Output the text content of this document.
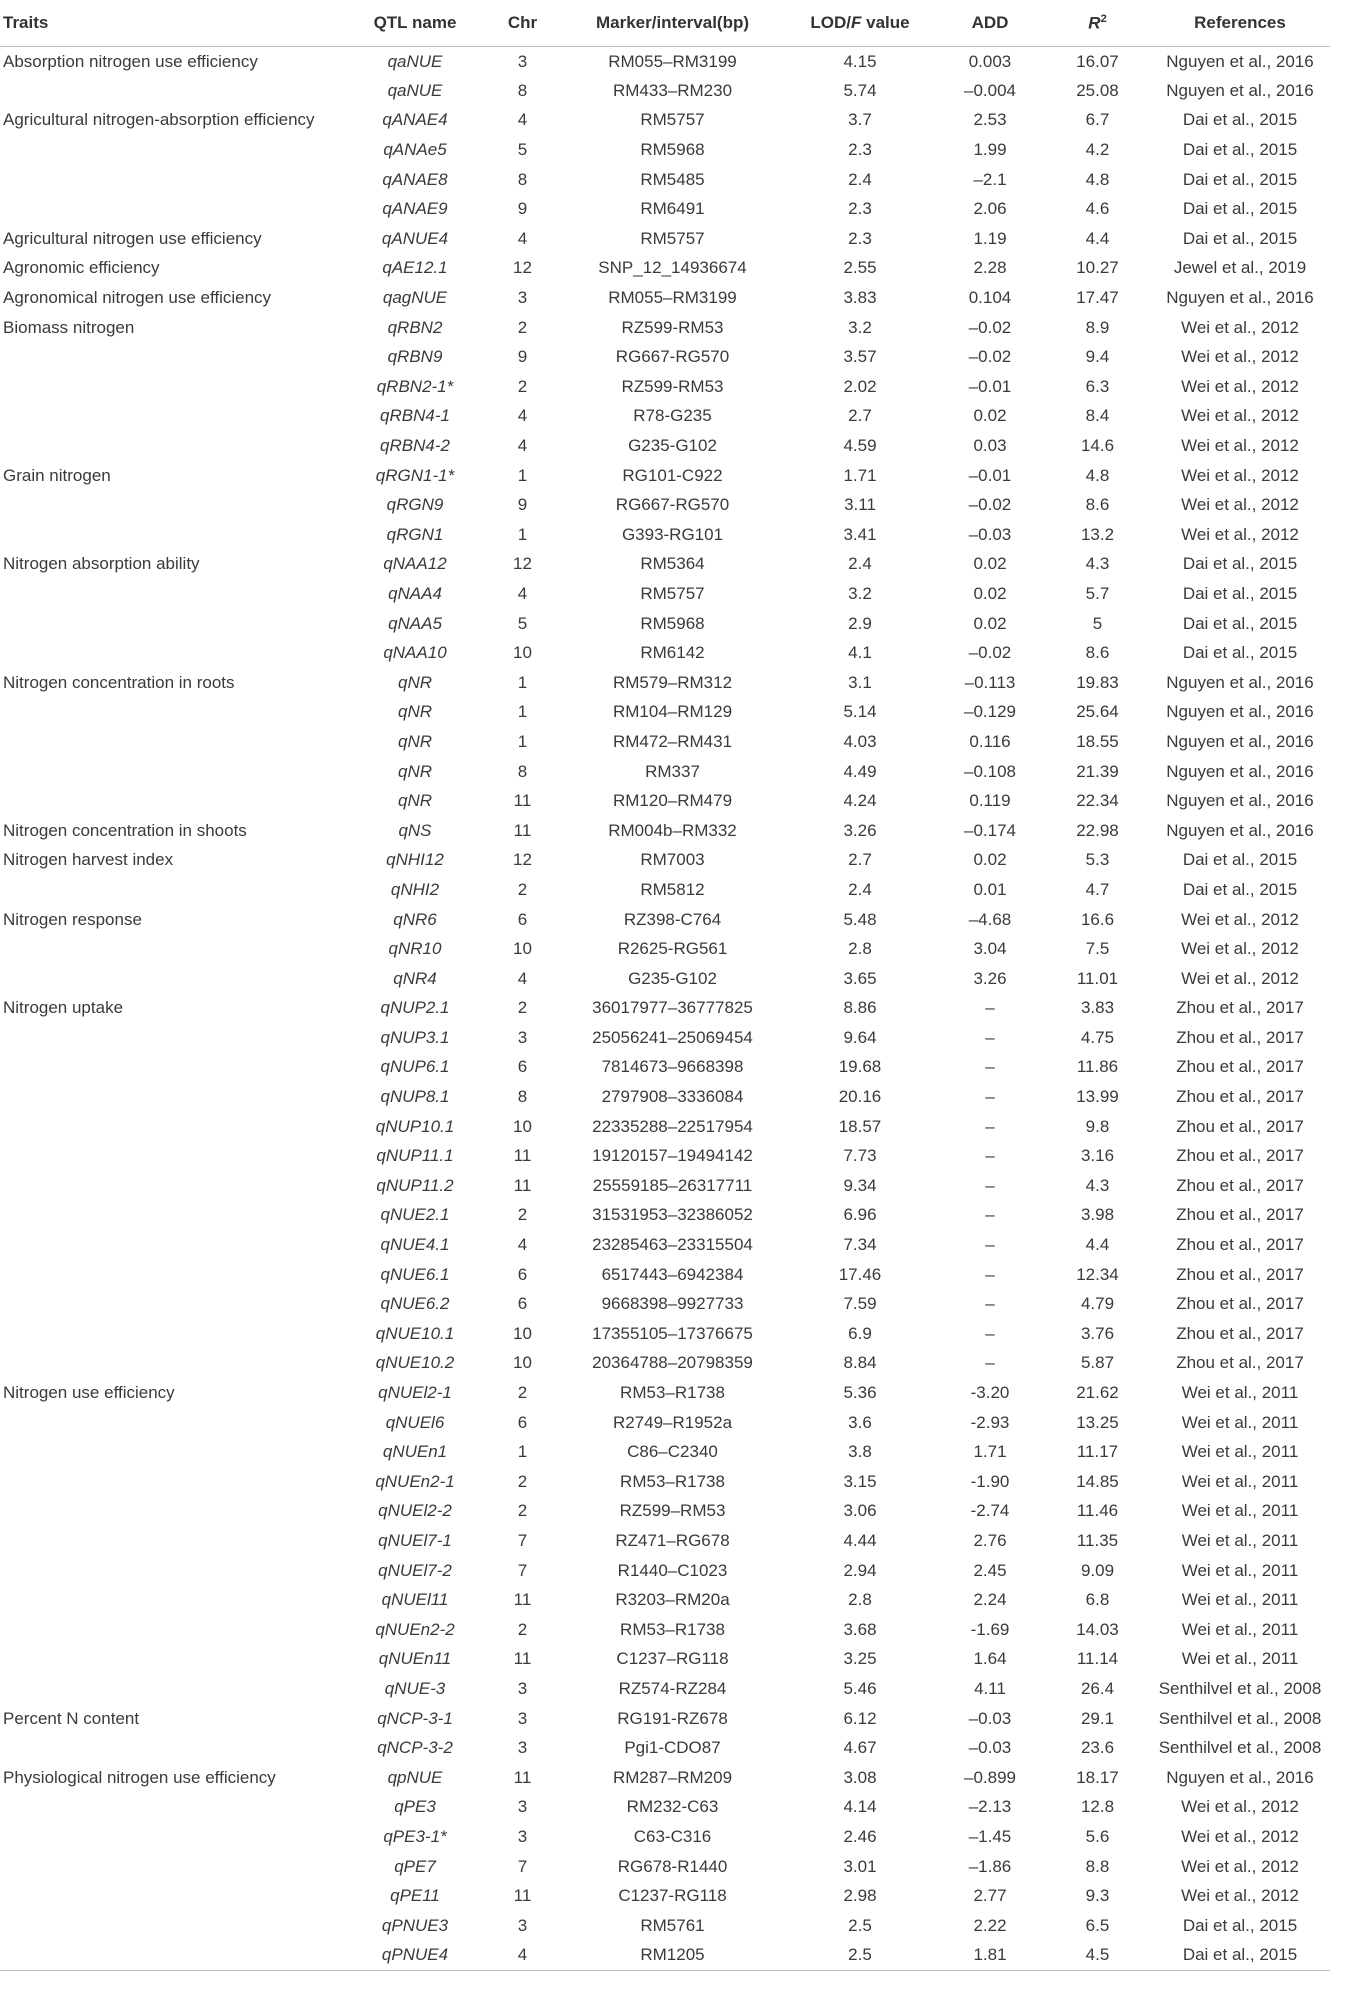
Traits	QTL name	Chr	Marker/interval(bp)	LOD/F value	ADD	$R^2$	References
Absorption nitrogen use efficiency	qaNUE	3	RM055–RM3199	4.15	0.003	16.07	Nguyen et al., 2016
	qaNUE	8	RM433–RM230	5.74	–0.004	25.08	Nguyen et al., 2016
Agricultural nitrogen-absorption efficiency	qANAE4	4	RM5757	3.7	2.53	6.7	Dai et al., 2015
	qANAe5	5	RM5968	2.3	1.99	4.2	Dai et al., 2015
	qANAE8	8	RM5485	2.4	–2.1	4.8	Dai et al., 2015
	qANAE9	9	RM6491	2.3	2.06	4.6	Dai et al., 2015
Agricultural nitrogen use efficiency	qANUE4	4	RM5757	2.3	1.19	4.4	Dai et al., 2015
Agronomic efficiency	qAE12.1	12	SNP_12_14936674	2.55	2.28	10.27	Jewel et al., 2019
Agronomical nitrogen use efficiency	qagNUE	3	RM055–RM3199	3.83	0.104	17.47	Nguyen et al., 2016
Biomass nitrogen	qRBN2	2	RZ599-RM53	3.2	–0.02	8.9	Wei et al., 2012
	qRBN9	9	RG667-RG570	3.57	–0.02	9.4	Wei et al., 2012
	qRBN2-1*	2	RZ599-RM53	2.02	–0.01	6.3	Wei et al., 2012
	qRBN4-1	4	R78-G235	2.7	0.02	8.4	Wei et al., 2012
	qRBN4-2	4	G235-G102	4.59	0.03	14.6	Wei et al., 2012
Grain nitrogen	qRGN1-1*	1	RG101-C922	1.71	–0.01	4.8	Wei et al., 2012
	qRGN9	9	RG667-RG570	3.11	–0.02	8.6	Wei et al., 2012
	qRGN1	1	G393-RG101	3.41	–0.03	13.2	Wei et al., 2012
Nitrogen absorption ability	qNAA12	12	RM5364	2.4	0.02	4.3	Dai et al., 2015
	qNAA4	4	RM5757	3.2	0.02	5.7	Dai et al., 2015
	qNAA5	5	RM5968	2.9	0.02	5	Dai et al., 2015
	qNAA10	10	RM6142	4.1	–0.02	8.6	Dai et al., 2015
Nitrogen concentration in roots	qNR	1	RM579–RM312	3.1	–0.113	19.83	Nguyen et al., 2016
	qNR	1	RM104–RM129	5.14	–0.129	25.64	Nguyen et al., 2016
	qNR	1	RM472–RM431	4.03	0.116	18.55	Nguyen et al., 2016
	qNR	8	RM337	4.49	–0.108	21.39	Nguyen et al., 2016
	qNR	11	RM120–RM479	4.24	0.119	22.34	Nguyen et al., 2016
Nitrogen concentration in shoots	qNS	11	RM004b–RM332	3.26	–0.174	22.98	Nguyen et al., 2016
Nitrogen harvest index	qNHI12	12	RM7003	2.7	0.02	5.3	Dai et al., 2015
	qNHI2	2	RM5812	2.4	0.01	4.7	Dai et al., 2015
Nitrogen response	qNR6	6	RZ398-C764	5.48	–4.68	16.6	Wei et al., 2012
	qNR10	10	R2625-RG561	2.8	3.04	7.5	Wei et al., 2012
	qNR4	4	G235-G102	3.65	3.26	11.01	Wei et al., 2012
Nitrogen uptake	qNUP2.1	2	36017977–36777825	8.86	–	3.83	Zhou et al., 2017
	qNUP3.1	3	25056241–25069454	9.64	–	4.75	Zhou et al., 2017
	qNUP6.1	6	7814673–9668398	19.68	–	11.86	Zhou et al., 2017
	qNUP8.1	8	2797908–3336084	20.16	–	13.99	Zhou et al., 2017
	qNUP10.1	10	22335288–22517954	18.57	–	9.8	Zhou et al., 2017
	qNUP11.1	11	19120157–19494142	7.73	–	3.16	Zhou et al., 2017
	qNUP11.2	11	25559185–26317711	9.34	–	4.3	Zhou et al., 2017
	qNUE2.1	2	31531953–32386052	6.96	–	3.98	Zhou et al., 2017
	qNUE4.1	4	23285463–23315504	7.34	–	4.4	Zhou et al., 2017
	qNUE6.1	6	6517443–6942384	17.46	–	12.34	Zhou et al., 2017
	qNUE6.2	6	9668398–9927733	7.59	–	4.79	Zhou et al., 2017
	qNUE10.1	10	17355105–17376675	6.9	–	3.76	Zhou et al., 2017
	qNUE10.2	10	20364788–20798359	8.84	–	5.87	Zhou et al., 2017
Nitrogen use efficiency	qNUEl2-1	2	RM53–R1738	5.36	-3.20	21.62	Wei et al., 2011
	qNUEl6	6	R2749–R1952a	3.6	-2.93	13.25	Wei et al., 2011
	qNUEn1	1	C86–C2340	3.8	1.71	11.17	Wei et al., 2011
	qNUEn2-1	2	RM53–R1738	3.15	-1.90	14.85	Wei et al., 2011
	qNUEl2-2	2	RZ599–RM53	3.06	-2.74	11.46	Wei et al., 2011
	qNUEl7-1	7	RZ471–RG678	4.44	2.76	11.35	Wei et al., 2011
	qNUEl7-2	7	R1440–C1023	2.94	2.45	9.09	Wei et al., 2011
	qNUEl11	11	R3203–RM20a	2.8	2.24	6.8	Wei et al., 2011
	qNUEn2-2	2	RM53–R1738	3.68	-1.69	14.03	Wei et al., 2011
	qNUEn11	11	C1237–RG118	3.25	1.64	11.14	Wei et al., 2011
	qNUE-3	3	RZ574-RZ284	5.46	4.11	26.4	Senthilvel et al., 2008
Percent N content	qNCP-3-1	3	RG191-RZ678	6.12	–0.03	29.1	Senthilvel et al., 2008
	qNCP-3-2	3	Pgi1-CDO87	4.67	–0.03	23.6	Senthilvel et al., 2008
Physiological nitrogen use efficiency	qpNUE	11	RM287–RM209	3.08	–0.899	18.17	Nguyen et al., 2016
	qPE3	3	RM232-C63	4.14	–2.13	12.8	Wei et al., 2012
	qPE3-1*	3	C63-C316	2.46	–1.45	5.6	Wei et al., 2012
	qPE7	7	RG678-R1440	3.01	–1.86	8.8	Wei et al., 2012
	qPE11	11	C1237-RG118	2.98	2.77	9.3	Wei et al., 2012
	qPNUE3	3	RM5761	2.5	2.22	6.5	Dai et al., 2015
	qPNUE4	4	RM1205	2.5	1.81	4.5	Dai et al., 2015
